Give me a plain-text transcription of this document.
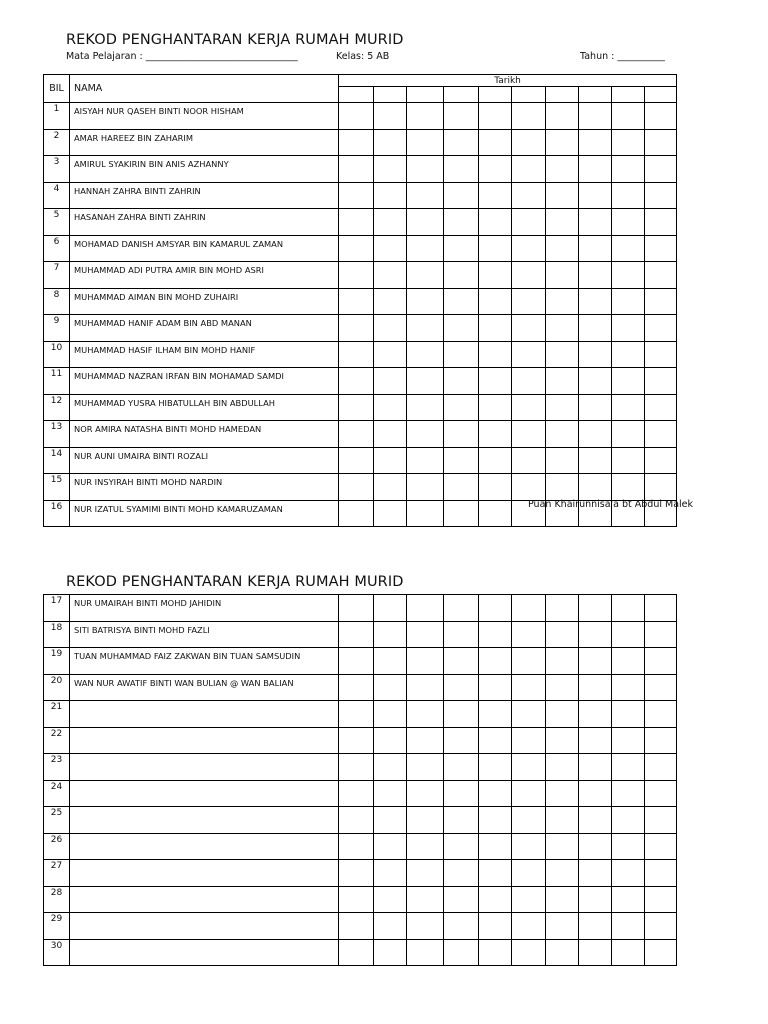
REKOD PENGHANTARAN KERJA RUMAH MURID
Mata Pelajaran : ________________________________	Kelas: 5 AB	Tahun : __________
BIL	NAMA	Tarikh									

1	AISYAH NUR QASEH BINTI NOOR HISHAM										
2	AMAR HAREEZ BIN ZAHARIM										
3	AMIRUL SYAKIRIN BIN ANIS AZHANNY										
4	HANNAH ZAHRA BINTI ZAHRIN										
5	HASANAH ZAHRA BINTI ZAHRIN										
6	MOHAMAD DANISH AMSYAR BIN KAMARUL ZAMAN										
7	MUHAMMAD ADI PUTRA AMIR BIN MOHD ASRI										
8	MUHAMMAD AIMAN BIN MOHD ZUHAIRI										
9	MUHAMMAD HANIF ADAM BIN ABD MANAN										
10	MUHAMMAD HASIF ILHAM BIN MOHD HANIF										
11	MUHAMMAD NAZRAN IRFAN BIN MOHAMAD SAMDI										
12	MUHAMMAD YUSRA HIBATULLAH BIN ABDULLAH										
13	NOR AMIRA NATASHA BINTI MOHD HAMEDAN										
14	NUR AUNI UMAIRA BINTI ROZALI										
15	NUR INSYIRAH BINTI MOHD NARDIN										
16	NUR IZATUL SYAMIMI BINTI MOHD KAMARUZAMAN											Puan Khairunnisa'a bt Abdul Malek
REKOD PENGHANTARAN KERJA RUMAH MURID
17	NUR UMAIRAH BINTI MOHD JAHIDIN										
18	SITI BATRISYA BINTI MOHD FAZLI										
19	TUAN MUHAMMAD FAIZ ZAKWAN BIN TUAN SAMSUDIN										
20	WAN NUR AWATIF BINTI WAN BULIAN @ WAN BALIAN										
21											
22											
23											
24											
25											
26											
27											
28											
29											
30											
